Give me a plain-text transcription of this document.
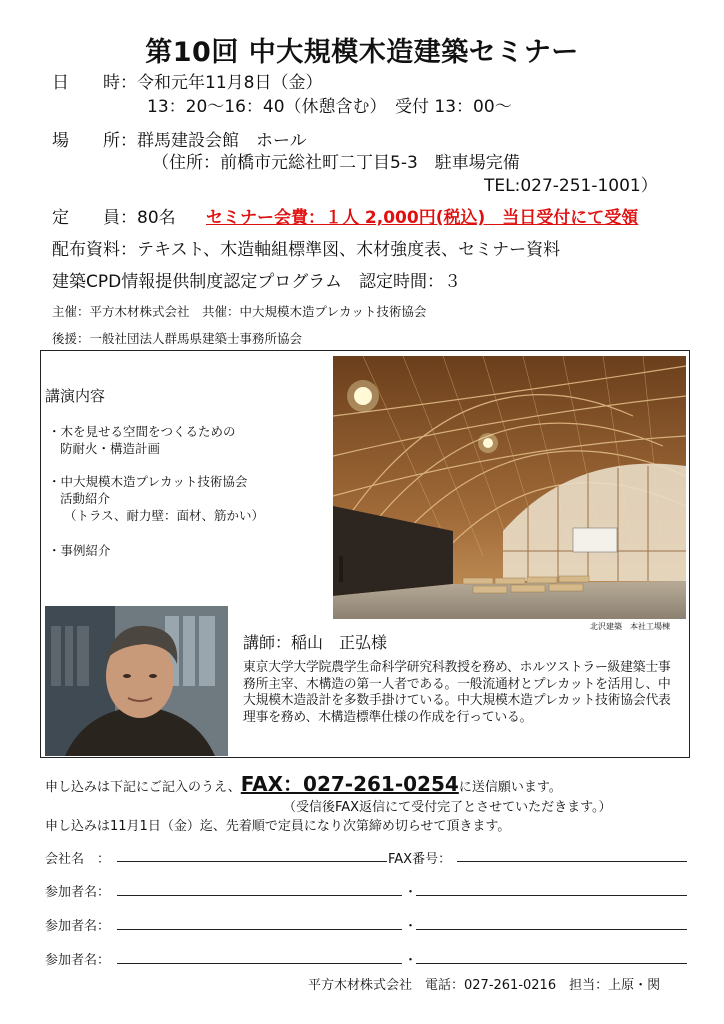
第10回 中大規模木造建築セミナー
日　　時：令和元年11月8日（金）
13：20～16：40（休憩含む）　受付 13：00～
場　　所：群馬建設会館　ホール
（住所：前橋市元総社町二丁目5-3　駐車場完備
TEL:027-251-1001）
定　　員：80名 セミナー会費：１人 2,000円(税込)　当日受付にて受領
配布資料：テキスト、木造軸組標準図、木材強度表、セミナー資料
建築CPD情報提供制度認定プログラム　認定時間：３
主催：平方木材株式会社　共催：中大規模木造プレカット技術協会
後援：一般社団法人群馬県建築士事務所協会
講演内容
・木を見せる空間をつくるための
防耐火・構造計画
・中大規模木造プレカット技術協会
活動紹介
（トラス、耐力壁：面材、筋かい）
・事例紹介
北沢建築　本社工場棟
講師：稲山　正弘様
東京大学大学院農学生命科学研究科教授を務め、ホルツストラー級建築士事務所主宰、木構造の第一人者である。一般流通材とプレカットを活用し、中大規模木造設計を多数手掛けている。中大規模木造プレカット技術協会代表理事を務め、木構造標準仕様の作成を行っている。
申し込みは下記にご記入のうえ、FAX：027-261-0254に送信願います。
（受信後FAX返信にて受付完了とさせていただきます。）
申し込みは11月1日（金）迄、先着順で定員になり次第締め切らせて頂きます。
会社名　：	FAX番号：
参加者名：	・
参加者名：	・
参加者名：	・
平方木材株式会社　電話：027-261-0216　担当：上原・関
